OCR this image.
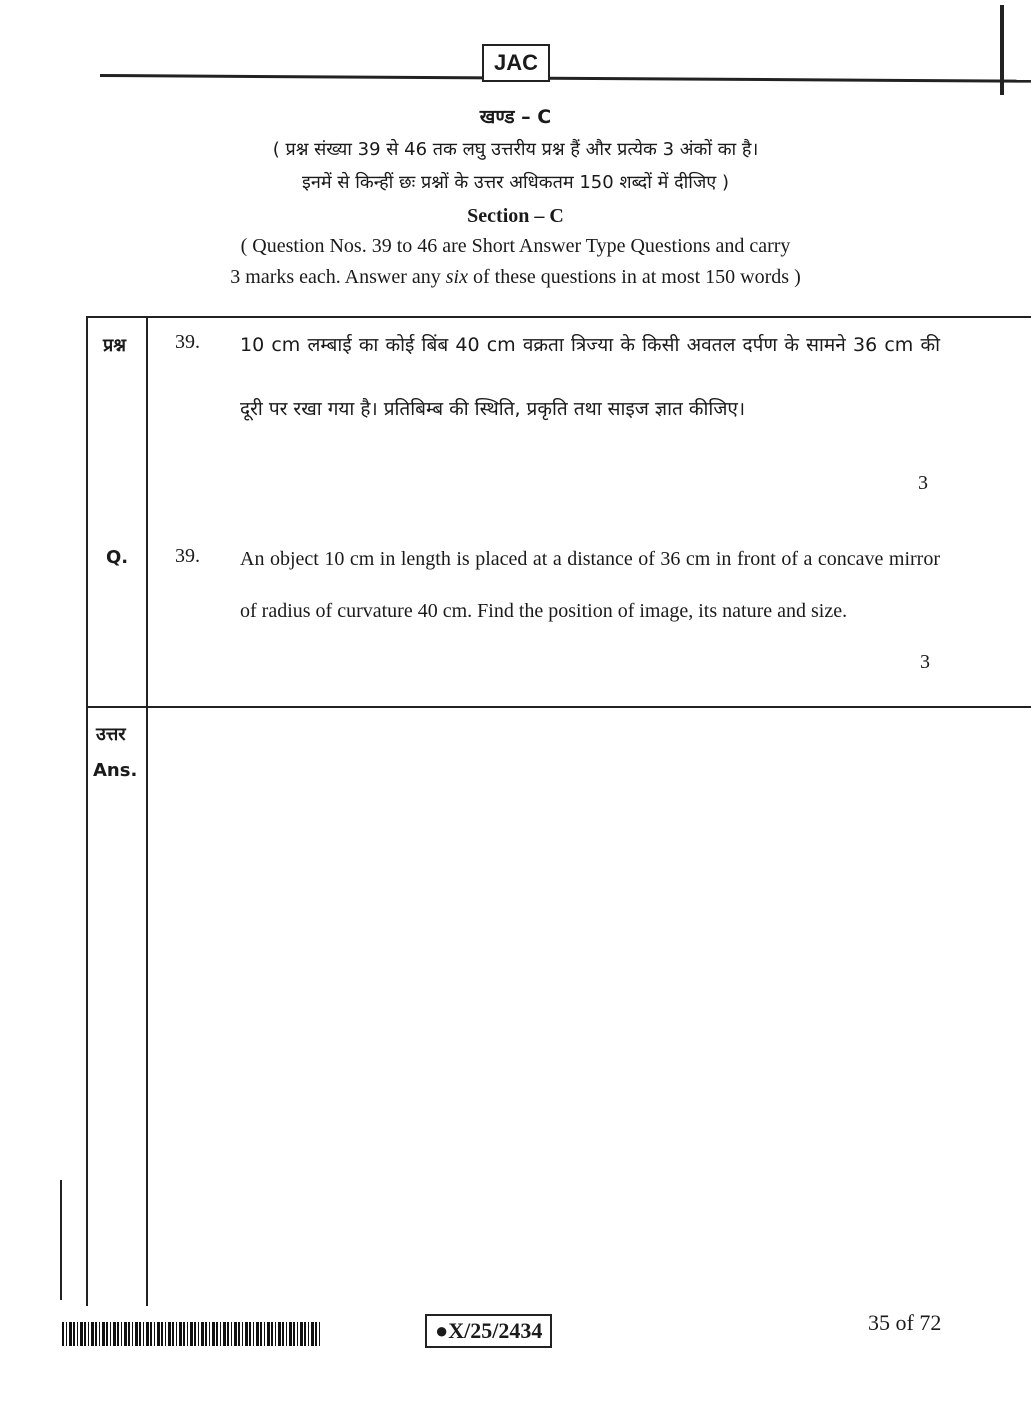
JAC
खण्ड – C
( प्रश्न संख्या 39 से 46 तक लघु उत्तरीय प्रश्न हैं और प्रत्येक 3 अंकों का है।
इनमें से किन्हीं छः प्रश्नों के उत्तर अधिकतम 150 शब्दों में दीजिए )
Section – C
( Question Nos. 39 to 46 are Short Answer Type Questions and carry
3 marks each. Answer any six of these questions in at most 150 words )
प्रश्न 39. 10 cm लम्बाई का कोई बिंब 40 cm वक्रता त्रिज्या के किसी अवतल दर्पण के सामने 36 cm की दूरी पर रखा गया है। प्रतिबिम्ब की स्थिति, प्रकृति तथा साइज ज्ञात कीजिए।
3
Q. 39. An object 10 cm in length is placed at a distance of 36 cm in front of a concave mirror of radius of curvature 40 cm. Find the position of image, its nature and size.
3
उत्तर
Ans.
●X/25/2434	35 of 72
